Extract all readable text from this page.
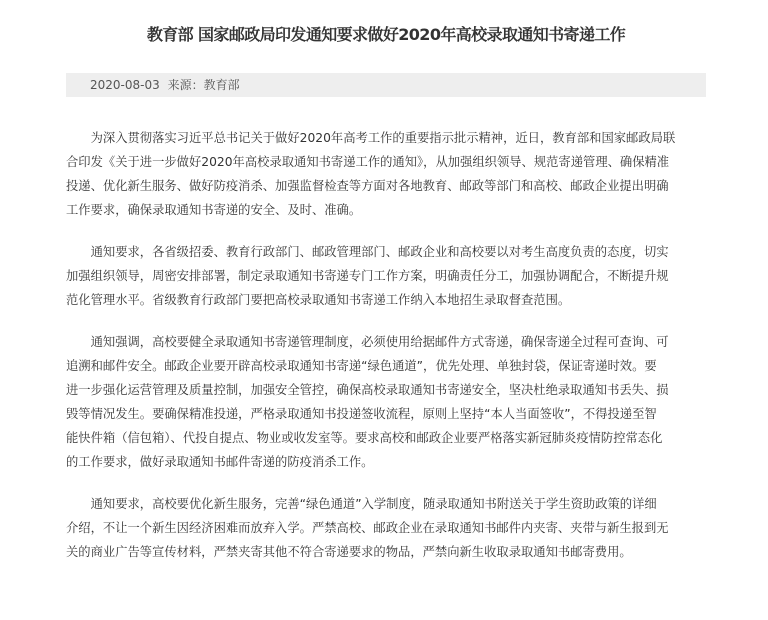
教育部 国家邮政局印发通知要求做好2020年高校录取通知书寄递工作
2020-08-03 来源：教育部

为深入贯彻落实习近平总书记关于做好2020年高考工作的重要指示批示精神，近日，教育部和国家邮政局联
合印发《关于进一步做好2020年高校录取通知书寄递工作的通知》，从加强组织领导、规范寄递管理、确保精准
投递、优化新生服务、做好防疫消杀、加强监督检查等方面对各地教育、邮政等部门和高校、邮政企业提出明确
工作要求，确保录取通知书寄递的安全、及时、准确。

通知要求，各省级招委、教育行政部门、邮政管理部门、邮政企业和高校要以对考生高度负责的态度，切实
加强组织领导，周密安排部署，制定录取通知书寄递专门工作方案，明确责任分工，加强协调配合，不断提升规
范化管理水平。省级教育行政部门要把高校录取通知书寄递工作纳入本地招生录取督查范围。

通知强调，高校要健全录取通知书寄递管理制度，必须使用给据邮件方式寄递，确保寄递全过程可查询、可
追溯和邮件安全。邮政企业要开辟高校录取通知书寄递“绿色通道”，优先处理、单独封袋，保证寄递时效。要
进一步强化运营管理及质量控制，加强安全管控，确保高校录取通知书寄递安全，坚决杜绝录取通知书丢失、损
毁等情况发生。要确保精准投递，严格录取通知书投递签收流程，原则上坚持“本人当面签收”，不得投递至智
能快件箱（信包箱）、代投自提点、物业或收发室等。要求高校和邮政企业要严格落实新冠肺炎疫情防控常态化
的工作要求，做好录取通知书邮件寄递的防疫消杀工作。

通知要求，高校要优化新生服务，完善“绿色通道”入学制度，随录取通知书附送关于学生资助政策的详细
介绍，不让一个新生因经济困难而放弃入学。严禁高校、邮政企业在录取通知书邮件内夹寄、夹带与新生报到无
关的商业广告等宣传材料，严禁夹寄其他不符合寄递要求的物品，严禁向新生收取录取通知书邮寄费用。
